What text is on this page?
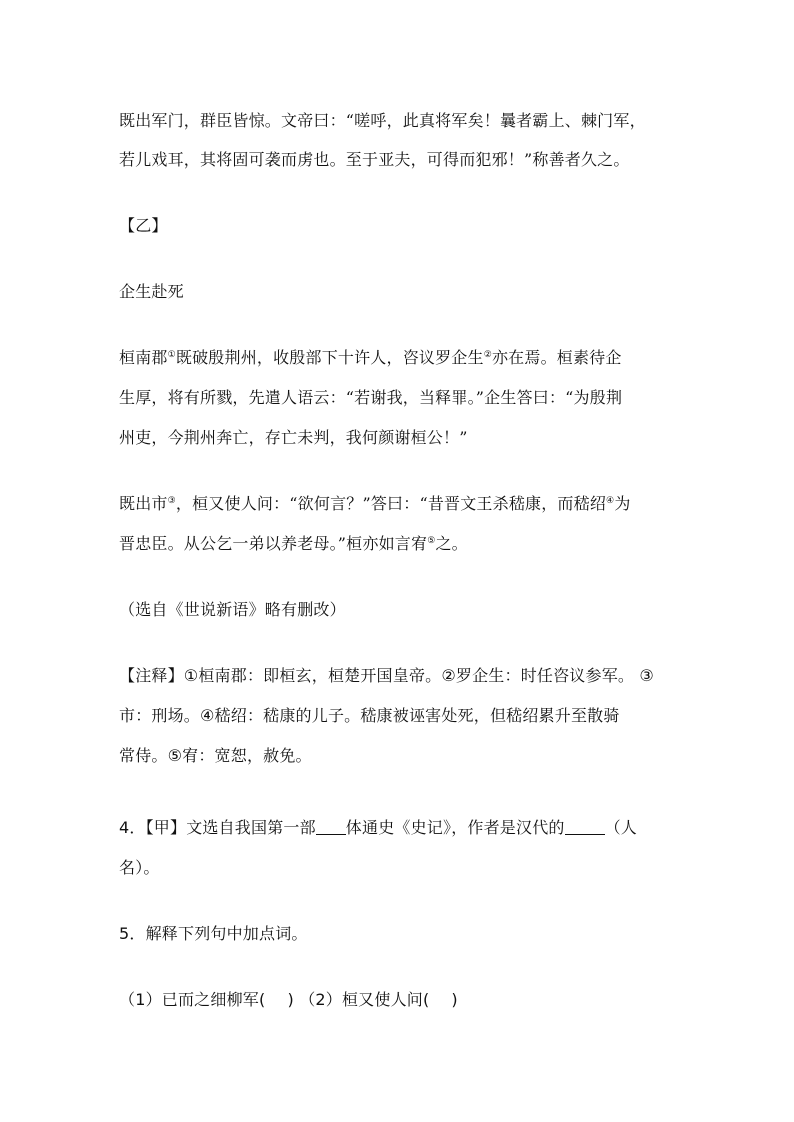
既出军门，群臣皆惊。文帝曰：“嗟呼，此真将军矣！曩者霸上、棘门军，
若儿戏耳，其将固可袭而虏也。至于亚夫，可得而犯邪！”称善者久之。
【乙】
企生赴死
桓南郡①既破殷荆州，收殷部下十许人，咨议罗企生②亦在焉。桓素待企
生厚，将有所戮，先遣人语云：“若谢我，当释罪。”企生答曰：“为殷荆
州吏，今荆州奔亡，存亡未判，我何颜谢桓公！”
既出市③，桓又使人问：“欲何言？”答曰：“昔晋文王杀嵇康，而嵇绍④为
晋忠臣。从公乞一弟以养老母。”桓亦如言宥⑤之。
（选自《世说新语》略有删改）
【注释】①桓南郡：即桓玄，桓楚开国皇帝。②罗企生：时任咨议参军。 ③
市：刑场。④嵇绍：嵇康的儿子。嵇康被诬害处死，但嵇绍累升至散骑
常侍。⑤宥：宽恕，赦免。
4．【甲】文选自我国第一部 体通史《史记》，作者是汉代的	（人
名）。
5．解释下列句中加点词。
（1）已而之细柳军( ) （2）桓又使人问( )
